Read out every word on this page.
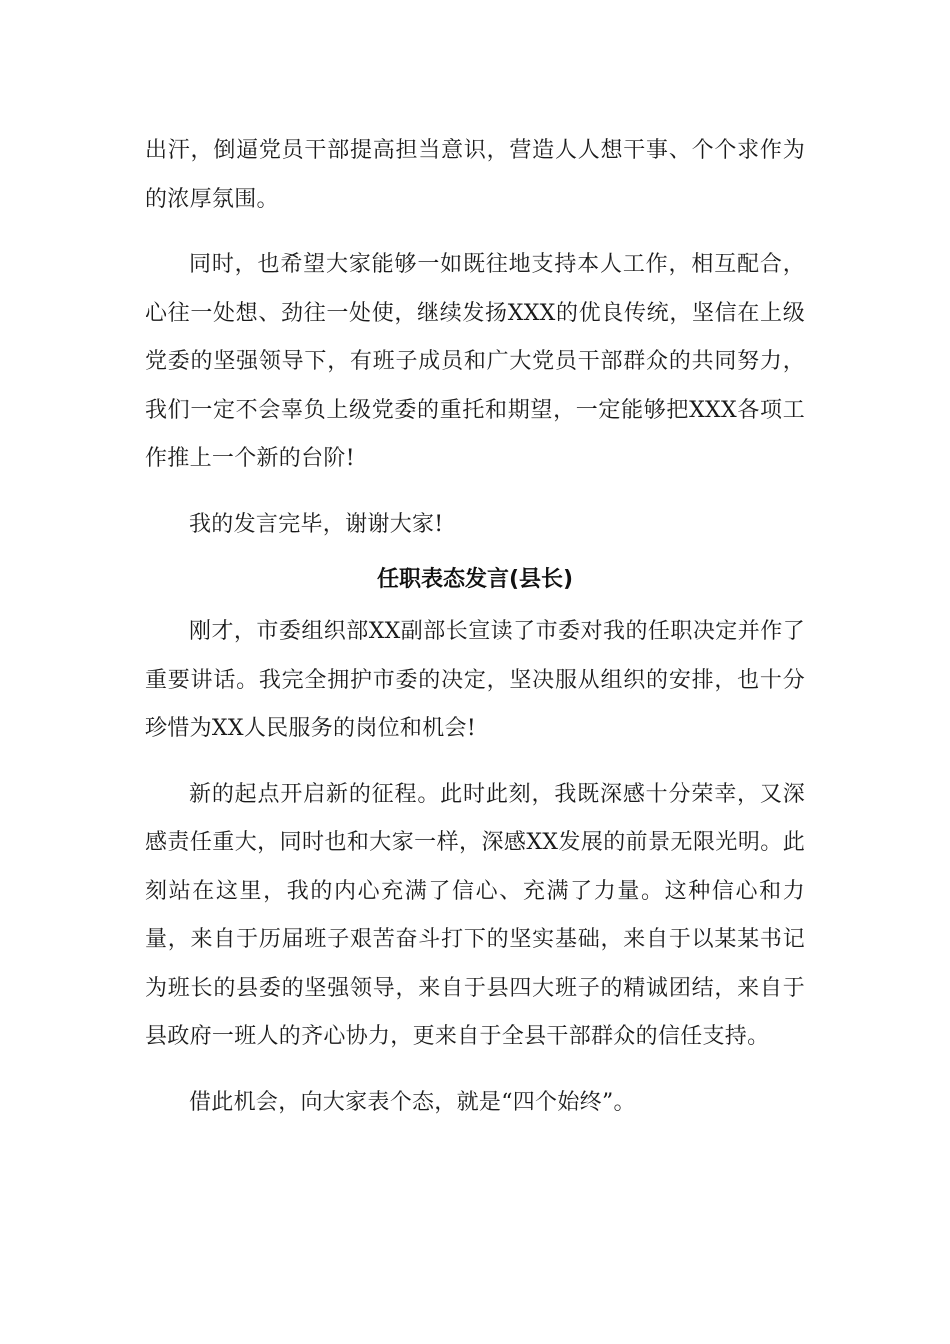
出汗，倒逼党员干部提高担当意识，营造人人想干事、个个求作为的浓厚氛围。

同时，也希望大家能够一如既往地支持本人工作，相互配合，心往一处想、劲往一处使，继续发扬XXX的优良传统，坚信在上级党委的坚强领导下，有班子成员和广大党员干部群众的共同努力，我们一定不会辜负上级党委的重托和期望，一定能够把XXX各项工作推上一个新的台阶!

我的发言完毕，谢谢大家!

任职表态发言(县长)

刚才，市委组织部XX副部长宣读了市委对我的任职决定并作了重要讲话。我完全拥护市委的决定，坚决服从组织的安排，也十分珍惜为XX人民服务的岗位和机会!

新的起点开启新的征程。此时此刻，我既深感十分荣幸，又深感责任重大，同时也和大家一样，深感XX发展的前景无限光明。此刻站在这里，我的内心充满了信心、充满了力量。这种信心和力量，来自于历届班子艰苦奋斗打下的坚实基础，来自于以某某书记为班长的县委的坚强领导，来自于县四大班子的精诚团结，来自于县政府一班人的齐心协力，更来自于全县干部群众的信任支持。

借此机会，向大家表个态，就是“四个始终”。
